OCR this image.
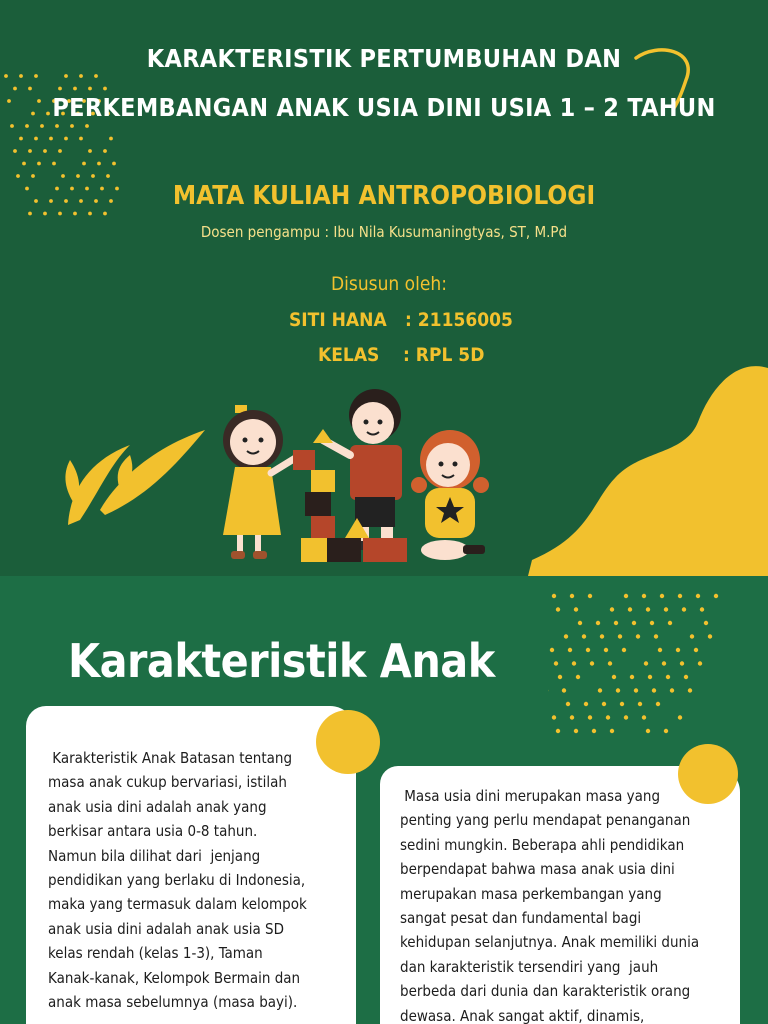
KARAKTERISTIK PERTUMBUHAN DAN
PERKEMBANGAN ANAK USIA DINI USIA 1 – 2 TAHUN
MATA KULIAH ANTROPOBIOLOGI
Dosen pengampu : Ibu Nila Kusumaningtyas, ST, M.Pd
Disusun oleh:
SITI HANA : 21156005
KELAS : RPL 5D
Karakteristik Anak
Karakteristik Anak Batasan tentang
masa anak cukup bervariasi, istilah
anak usia dini adalah anak yang
berkisar antara usia 0-8 tahun.
Namun bila dilihat dari  jenjang
pendidikan yang berlaku di Indonesia,
maka yang termasuk dalam kelompok
anak usia dini adalah anak usia SD
kelas rendah (kelas 1-3), Taman
Kanak-kanak, Kelompok Bermain dan
anak masa sebelumnya (masa bayi).
Masa usia dini merupakan masa yang
penting yang perlu mendapat penanganan
sedini mungkin. Beberapa ahli pendidikan
berpendapat bahwa masa anak usia dini
merupakan masa perkembangan yang
sangat pesat dan fundamental bagi
kehidupan selanjutnya. Anak memiliki dunia
dan karakteristik tersendiri yang  jauh
berbeda dari dunia dan karakteristik orang
dewasa. Anak sangat aktif, dinamis,
